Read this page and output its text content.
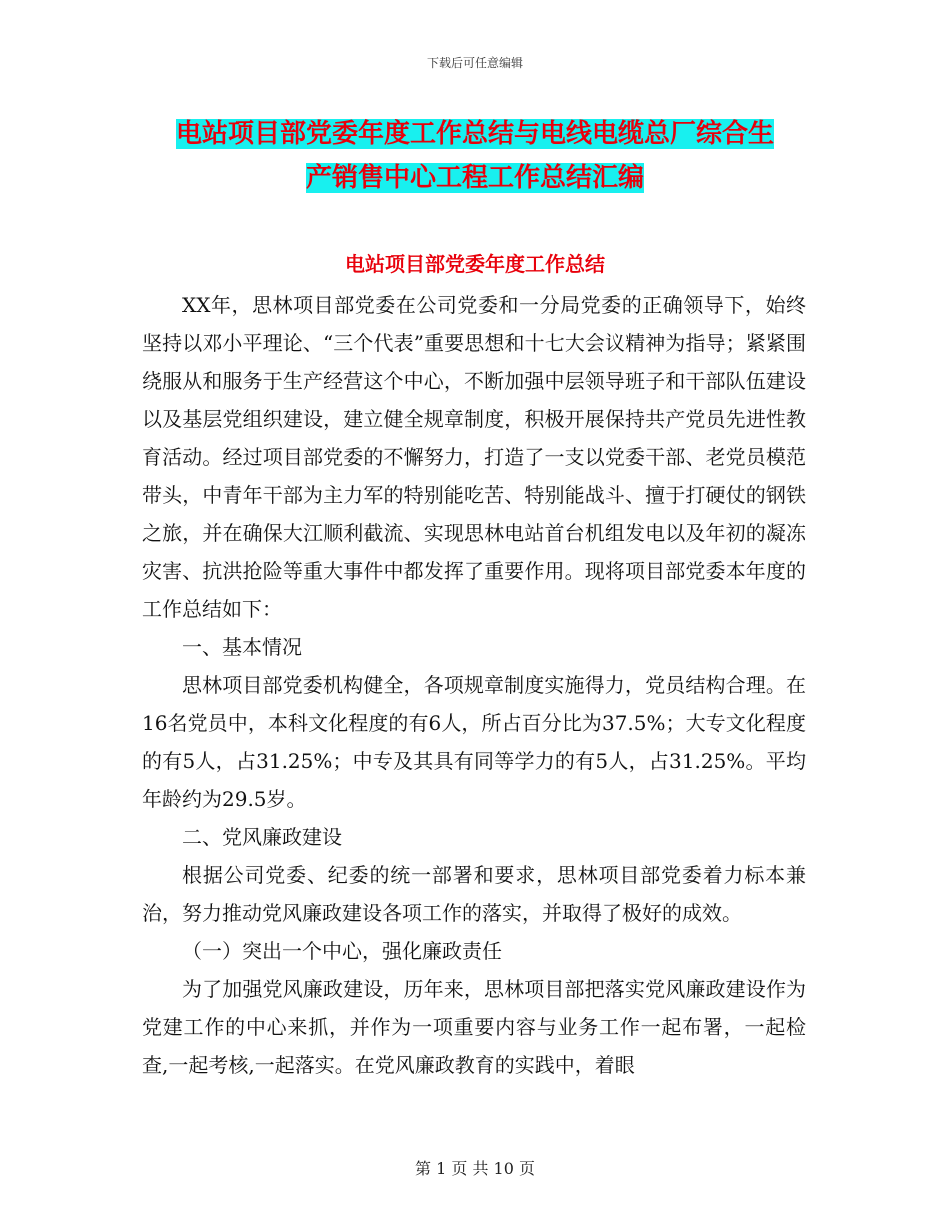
下载后可任意编辑
电站项目部党委年度工作总结与电线电缆总厂综合生
产销售中心工程工作总结汇编
电站项目部党委年度工作总结

XX年，思林项目部党委在公司党委和一分局党委的正确领导下，始终坚持以邓小平理论、“三个代表”重要思想和十七大会议精神为指导；紧紧围绕服从和服务于生产经营这个中心，不断加强中层领导班子和干部队伍建设以及基层党组织建设，建立健全规章制度，积极开展保持共产党员先进性教育活动。经过项目部党委的不懈努力，打造了一支以党委干部、老党员模范带头，中青年干部为主力军的特别能吃苦、特别能战斗、擅于打硬仗的钢铁之旅，并在确保大江顺利截流、实现思林电站首台机组发电以及年初的凝冻灾害、抗洪抢险等重大事件中都发挥了重要作用。现将项目部党委本年度的工作总结如下：

一、基本情况

思林项目部党委机构健全，各项规章制度实施得力，党员结构合理。在16名党员中，本科文化程度的有6人，所占百分比为37.5%；大专文化程度的有5人，占31.25%；中专及其具有同等学力的有5人，占31.25%。平均年龄约为29.5岁。

二、党风廉政建设

根据公司党委、纪委的统一部署和要求，思林项目部党委着力标本兼治，努力推动党风廉政建设各项工作的落实，并取得了极好的成效。

（一）突出一个中心，强化廉政责任

为了加强党风廉政建设，历年来，思林项目部把落实党风廉政建设作为党建工作的中心来抓，并作为一项重要内容与业务工作一起布署，一起检查,一起考核,一起落实。在党风廉政教育的实践中，着眼

第 1 页 共 10 页
